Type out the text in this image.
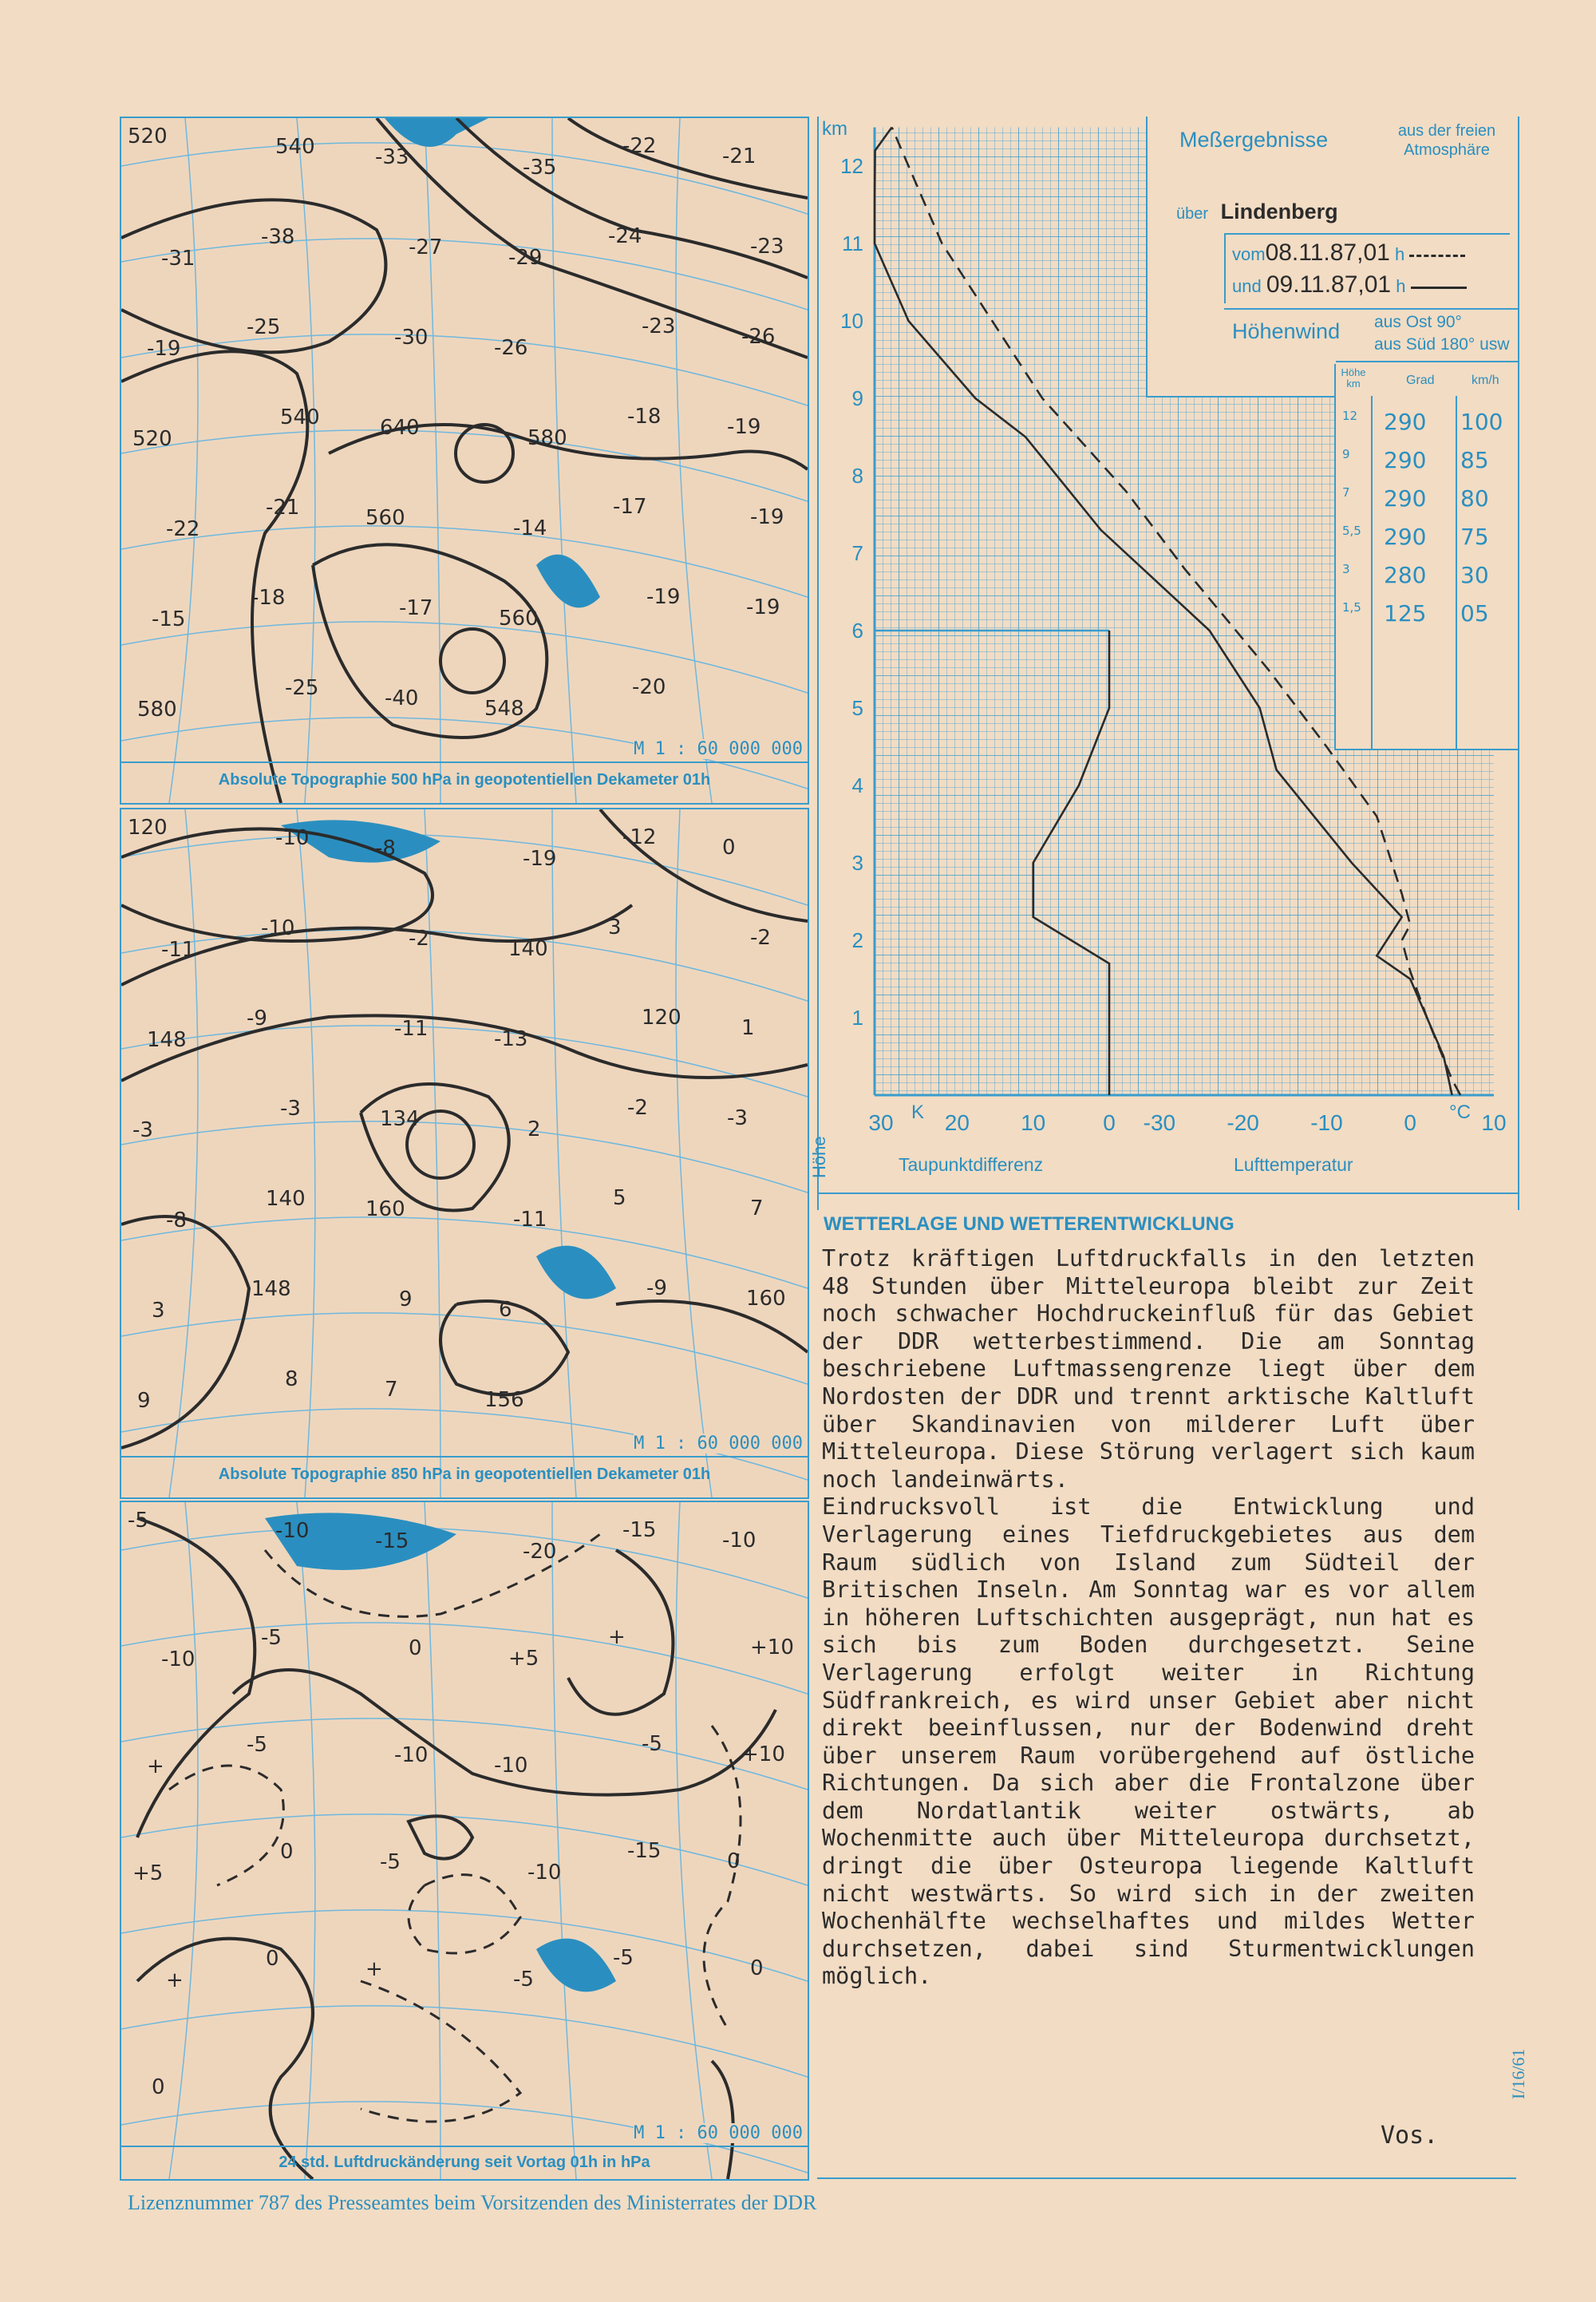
M 1 : 60 000 000
Absolute Topographie 500 hPa in geopotentiellen Dekameter 01h
M 1 : 60 000 000
Absolute Topographie 850 hPa in geopotentiellen Dekameter 01h
M 1 : 60 000 000
24 std. Luftdruckänderung seit Vortag 01h in hPa
520	540	-33	-35
-22	-21
-31
-38	-27	-29
-24	-23
-19
-25	-30	-26
-23	-26
520
540	640	580
-18	-19
-22
-21	560	-14
-17	-19
-15
-18	-17	560
-19	-19
580
-25	-40	548
-20
120	-10	-8	-19
-12	0
-11
-10	-2	140
3	-2
148
-9	-11	-13
120	1
-3
-3	134	2
-2	-3
-8
140	160	-11
5	7
3
148	9	6
-9	160
9
8	7	156
-5	-10	-15	-20
-15	-10
-10
-5	0	+5
+	+10
+
-5	-10	-10
-5	+10
+5
0	-5	-10
-15	0
+
0	+	-5
-5	0
0
1
2
3
4
5
6
7
8
9
10
11
12
30 20 10	0 -30 -20 -10	0	10
Meßergebnisse	aus der freien Atmosphäre
über Lindenberg
vom08.11.87,01 h
und 09.11.87,01 h
Höhenwind aus Ost 90°
aus Süd 180° usw
Höhe km	Grad	km/h
12 290 100
9 290 85
7 290 80
5,5 290 75
3 280 30
1,5 125 05
km
Höhe
K	°C
Taupunktdifferenz	Lufttemperatur
WETTERLAGE UND WETTERENTWICKLUNG

Trotz kräftigen Luftdruckfalls in den letzten 48 Stunden über Mitteleuropa bleibt zur Zeit noch schwacher Hochdruckeinfluß für das Gebiet der DDR wetterbestimmend. Die am Sonntag beschriebene Luftmassengrenze liegt über dem Nordosten der DDR und trennt arktische Kaltluft über Skandinavien von milderer Luft über Mitteleuropa. Diese Störung verlagert sich kaum noch landeinwärts.

Eindrucksvoll ist die Entwicklung und Verlagerung eines Tiefdruckgebietes aus dem Raum südlich von Island zum Südteil der Britischen Inseln. Am Sonntag war es vor allem in höheren Luftschichten ausgeprägt, nun hat es sich bis zum Boden durchgesetzt. Seine Verlagerung erfolgt weiter in Richtung Südfrankreich, es wird unser Gebiet aber nicht direkt beeinflussen, nur der Bodenwind dreht über unserem Raum vorübergehend auf östliche Richtungen. Da sich aber die Frontalzone über dem Nordatlantik weiter ostwärts, ab Wochenmitte auch über Mitteleuropa durchsetzt, dringt die über Osteuropa liegende Kaltluft nicht westwärts. So wird sich in der zweiten Wochenhälfte wechselhaftes und mildes Wetter durchsetzen, dabei sind Sturmentwicklungen möglich.

Vos.
Lizenznummer 787 des Presseamtes beim Vorsitzenden des Ministerrates der DDR
I/16/61
